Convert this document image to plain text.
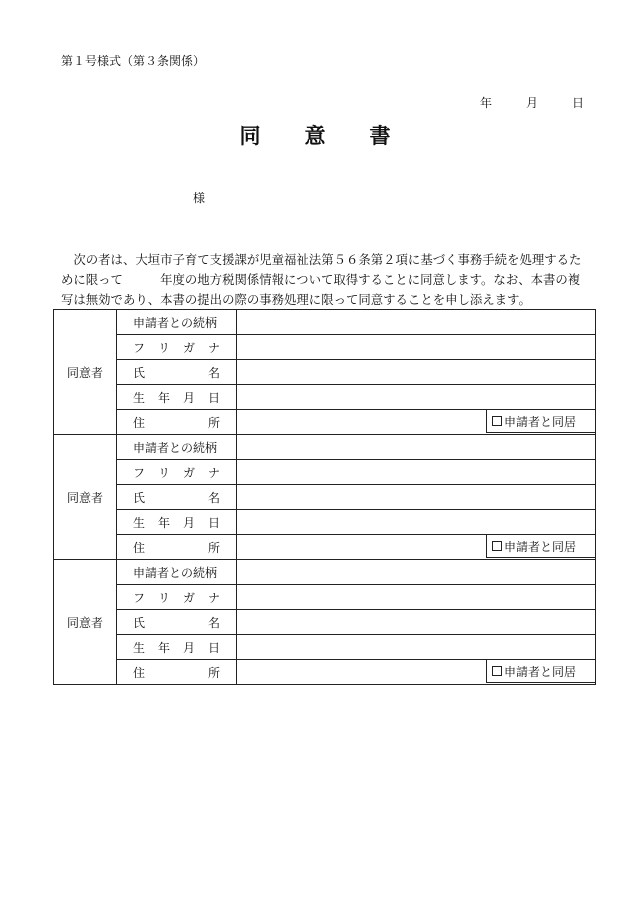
第１号様式（第３条関係）
年	月	日
同意書
様

　次の者は、大垣市子育て支援課が児童福祉法第５６条第２項に基づく事務手続を処理するた

めに限って　　　年度の地方税関係情報について取得することに同意します。なお、本書の複

写は無効であり、本書の提出の際の事務処理に限って同意することを申し添えます。

同意者	申請者との続柄	

	フ リ ガ ナ	

	氏 名	

	生 年 月 日	

	住 所	申請者と同居

同意者	申請者との続柄	

	フ リ ガ ナ	

	氏 名	

	生 年 月 日	

	住 所	申請者と同居

同意者	申請者との続柄	

	フ リ ガ ナ	

	氏 名	

	生 年 月 日	

	住 所	申請者と同居
